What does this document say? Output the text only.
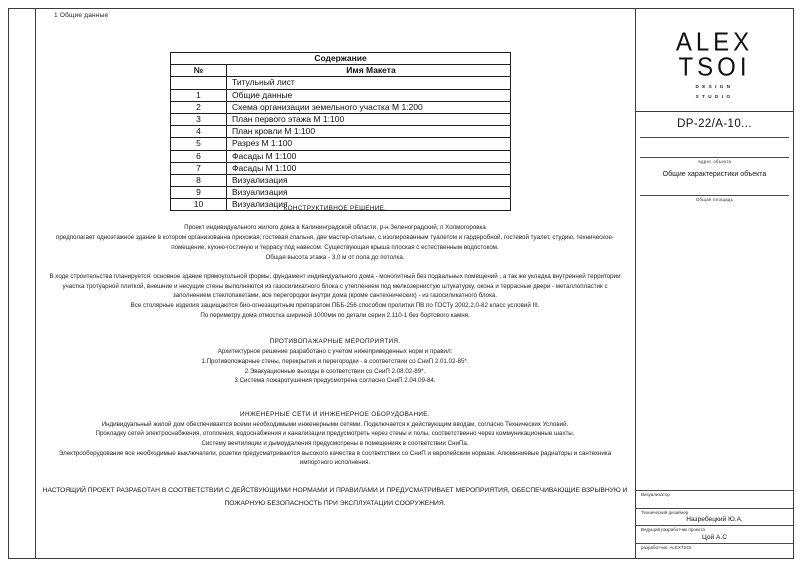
1 Общие данные
Содержание	
№	Имя Макета
	Титульный лист
1	Общие данные
2	Схема организации земельного участка М 1:200
3	План первого этажа М 1:100
4	План кровли М 1:100
5	Разрез М 1:100
6	Фасады М 1:100
7	Фасады М 1:100
8	Визуализация
9	Визуализация
10	Визуализация
КОНСТРУКТИВНОЕ РЕШЕНИЕ.
Проект индивидуального жилого дома в Калининградской области, р-н Зеленоградский, п Холмогоровка
предполагает одноэтажное здание в котором организованна прихожая, гостевая спальня, две мастер-спальни, с изолированным туалетом и гардеробной, гостевой туалет, студию, техническое-
помещение, кухню-гостиную и террасу под навесом. Существующая крыша плоская с естественным водостоком.
Общая высота этажа - 3,0 м от пола до потолка.
В ходе строительства планируется: основное здание прямоугольной формы, фундамент индивидуального дома - монолитный без подвальных помещений , а так же укладка внутренней территории
участка тротуарной плиткой, внешние и несущие стены выполняются из газосиликатного блока с утеплением под мелкозернистую штукатурку, окона и террасные двери - металлопластик с
заполнением стеклопакетами, все перегородки внутри дома (кроме сантехнических) - из газосиликатного блока.
Все столярные изделия защищаются био-огнезащитным препаратом ПББ-256 способом пропитки ПВ по ГОСТу 2002,2,0-82 класс условий III.
По периметру дома отмостка шириной 1000мм по детали серии 2.110-1 без бортового камня.
ПРОТИВОПАЖАРНЫЕ МЕРОПРИЯТИЯ.
Архитектурное решение разработано с учетом нижеприведенных норм и правил:
1.Противопожарные стены, перекрытия и перегородки - в соответствии со СниП 2.01.02-85*.
2.Эвакуационные выходы в соответствии со СниП 2.08.02-89*.
3.Система пожаротушения предусмотрена согласно СниП 2.04.09-84.
ИНЖЕНЕРНЫЕ СЕТИ И ИНЖЕНЕРНОЕ ОБОРУДОВАНИЕ.
Индивидуальный жилой дом обеспечивается всеми необходимыми инженерными сетями. Подключается к действующим вводам, согласно Технических Условий.
Прокладку сетей электроснабжения, отопления, водоснабжения и канализации предусмотреть через стены и полы, соответственно через коммуникационные шахты.
Систему вентиляции и дымоудаления предусмотрены в помещениях в соответствии СниПа.
Электрооборудование все необходимые выключатели, розетки предусматриваются высокого качества в соответствии со СниП и европейским нормам. Алюминиевые радиаторы и сантехника
импортного исполнения.
НАСТОЯЩИЙ ПРОЕКТ РАЗРАБОТАН В СООТВЕТСТВИИ С ДЕЙСТВУЮЩИМИ НОРМАМИ И ПРАВИЛАМИ И ПРЕДУСМАТРИВАЕТ МЕРОПРИЯТИЯ, ОБЕСПЕЧИВАЮЩИЕ ВЗРЫВНУЮ И
ПОЖАРНУЮ БЕЗОПАСНОСТЬ ПРИ ЭКСПЛУАТАЦИИ СООРУЖЕНИЯ.
ALEX
TSOI
DESIGN
STUDIO
DP-22/A-10...
Адрес объекта
Общие характеристики объекта
Общая площадь
Визуализатор
Технический дизайнер
Назребецкий Ю.А.
Ведущий разработчик проекта
Цой А.С
разработчик: ALEXTSOI
